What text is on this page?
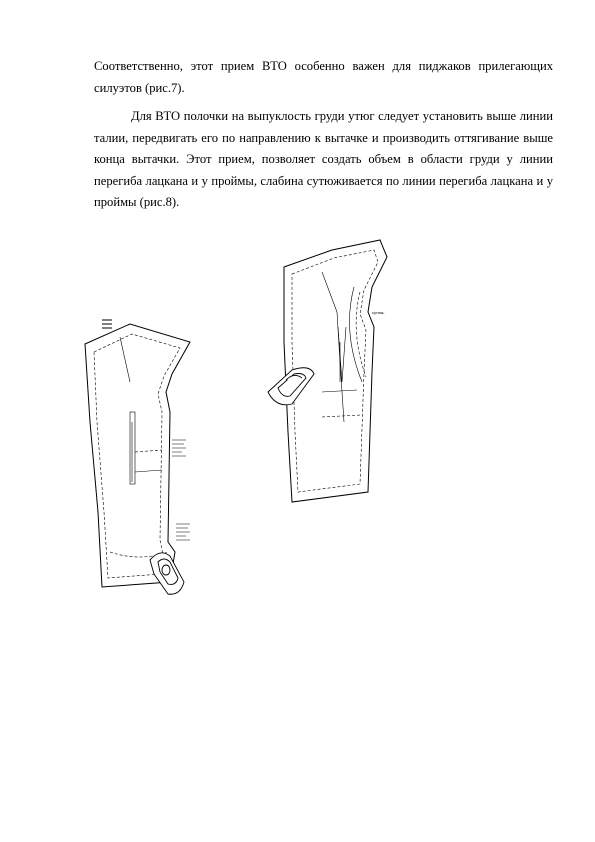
Соответственно, этот прием ВТО особенно важен для пиджаков прилегающих силуэтов (рис.7).

Для ВТО полочки на выпуклость груди утюг следует установить выше линии талии, передвигать его по направлению к вытачке и производить оттягивание выше конца вытачки. Этот прием, позволяет создать объем в области груди у линии перегиба лацкана и у проймы, слабина сутюживается по линии перегиба лацкана и у проймы (рис.8).

сутюж.
